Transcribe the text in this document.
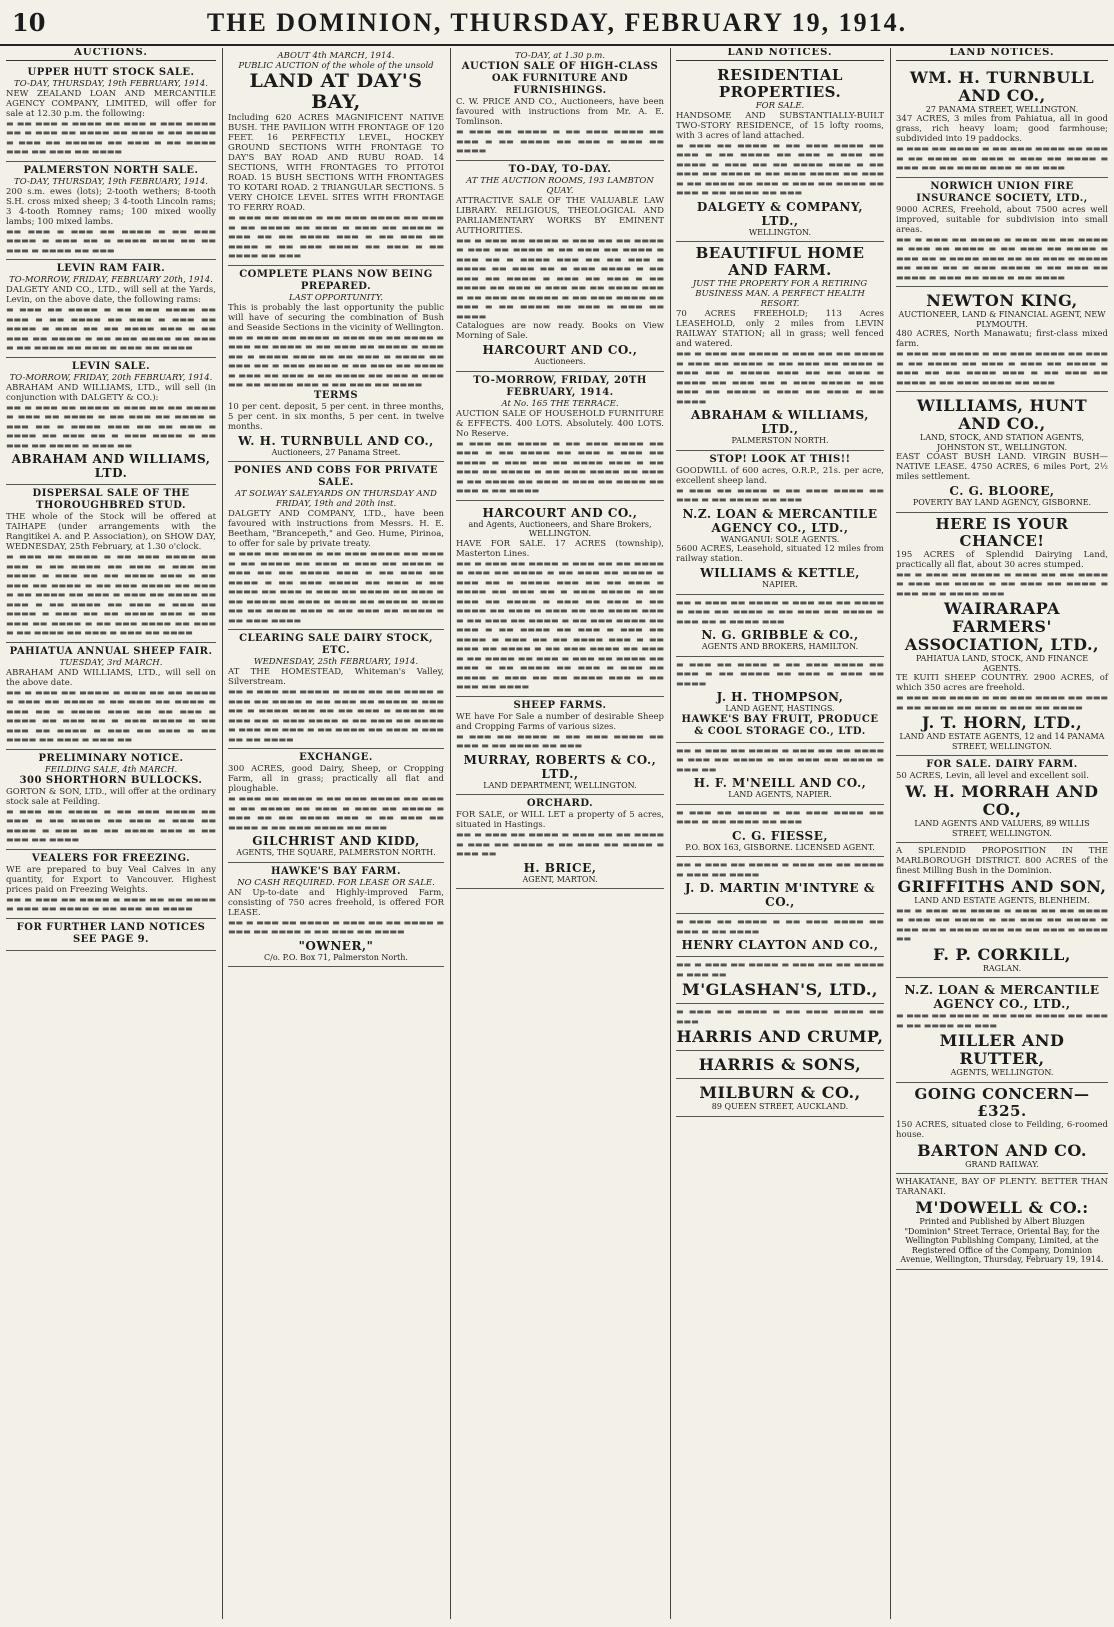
10	THE DOMINION, THURSDAY, FEBRUARY 19, 1914.
AUCTIONS.
UPPER HUTT STOCK SALE.
TO-DAY, THURSDAY, 19th FEBRUARY, 1914.
NEW ZEALAND LOAN AND MERCANTILE AGENCY COMPANY, LIMITED, will offer for sale at 12.30 p.m. the following:
▬ ▬▬ ▬▬▬ ▬ ▬▬▬▬ ▬▬ ▬▬▬ ▬ ▬▬▬ ▬▬▬▬ ▬▬ ▬ ▬▬▬ ▬▬ ▬▬▬▬ ▬▬ ▬▬▬ ▬ ▬▬ ▬▬▬▬ ▬ ▬▬▬ ▬▬ ▬▬▬▬▬ ▬▬ ▬▬▬ ▬ ▬▬ ▬▬▬▬ ▬▬▬ ▬▬ ▬▬▬ ▬▬ ▬▬▬▬
PALMERSTON NORTH SALE.
TO-DAY, THURSDAY, 19th FEBRUARY, 1914.
200 s.m. ewes (lots); 2-tooth wethers; 8-tooth S.H. cross mixed sheep; 3 4-tooth Lincoln rams; 3 4-tooth Romney rams; 100 mixed woolly lambs; 100 mixed lambs.
▬▬ ▬▬▬ ▬ ▬▬▬ ▬▬ ▬▬▬▬ ▬ ▬▬ ▬▬▬ ▬▬▬▬ ▬ ▬▬▬ ▬▬ ▬ ▬▬▬▬ ▬▬▬ ▬▬ ▬▬ ▬▬▬ ▬ ▬▬▬▬ ▬▬ ▬▬▬
LEVIN RAM FAIR.
TO-MORROW, FRIDAY, FEBRUARY 20th, 1914.
DALGETY AND CO., LTD., will sell at the Yards, Levin, on the above date, the following rams:
▬ ▬▬▬ ▬▬ ▬▬▬▬ ▬ ▬▬ ▬▬▬ ▬▬▬▬ ▬▬ ▬▬▬ ▬ ▬▬ ▬▬▬▬ ▬▬ ▬▬▬ ▬ ▬▬▬ ▬▬ ▬▬▬▬ ▬ ▬▬▬ ▬▬ ▬▬ ▬▬▬▬ ▬▬▬ ▬ ▬▬ ▬▬▬ ▬▬ ▬▬▬▬ ▬ ▬▬ ▬▬▬ ▬▬▬▬ ▬▬ ▬▬▬ ▬ ▬▬ ▬▬▬▬ ▬▬ ▬▬▬ ▬ ▬▬▬ ▬▬ ▬▬▬▬
LEVIN SALE.
TO-MORROW, FRIDAY, 20th FEBRUARY, 1914.
ABRAHAM AND WILLIAMS, LTD., will sell (in conjunction with DALGETY & CO.):
▬▬ ▬ ▬▬▬ ▬▬ ▬▬▬▬ ▬ ▬▬▬ ▬▬ ▬▬ ▬▬▬▬ ▬ ▬▬▬ ▬▬ ▬▬▬▬ ▬ ▬▬ ▬▬▬ ▬▬ ▬▬▬▬ ▬ ▬▬▬ ▬▬ ▬ ▬▬▬▬ ▬▬▬ ▬▬ ▬▬ ▬▬▬ ▬ ▬▬▬▬ ▬▬ ▬▬▬ ▬▬ ▬ ▬▬▬ ▬▬▬▬ ▬ ▬▬ ▬▬▬ ▬▬ ▬▬▬▬ ▬ ▬▬▬ ▬▬
ABRAHAM AND WILLIAMS, LTD.
DISPERSAL SALE OF THE THOROUGHBRED STUD.
THE whole of the Stock will be offered at TAIHAPE (under arrangements with the Rangitikei A. and P. Association), on SHOW DAY, WEDNESDAY, 25th February, at 1.30 o'clock.
▬ ▬▬▬ ▬▬ ▬▬▬▬ ▬ ▬▬ ▬▬▬ ▬▬▬▬ ▬▬ ▬▬▬ ▬ ▬▬ ▬▬▬▬ ▬▬ ▬▬▬ ▬ ▬▬▬ ▬▬ ▬▬▬▬ ▬ ▬▬▬ ▬▬ ▬▬ ▬▬▬▬ ▬▬▬ ▬ ▬▬ ▬▬▬ ▬▬ ▬▬▬▬ ▬ ▬▬ ▬▬▬ ▬▬▬▬ ▬▬ ▬▬▬ ▬ ▬▬ ▬▬▬▬ ▬▬ ▬▬▬ ▬ ▬▬▬ ▬▬ ▬▬▬▬ ▬▬ ▬▬▬ ▬ ▬▬ ▬▬▬▬ ▬▬ ▬▬▬ ▬ ▬▬▬ ▬▬ ▬▬▬▬ ▬ ▬▬▬ ▬▬ ▬▬ ▬▬▬▬ ▬▬▬ ▬ ▬▬ ▬▬▬ ▬▬ ▬▬▬▬ ▬ ▬▬ ▬▬▬ ▬▬▬▬ ▬▬ ▬▬▬ ▬ ▬▬ ▬▬▬▬ ▬▬ ▬▬▬ ▬ ▬▬▬ ▬▬ ▬▬▬▬
PAHIATUA ANNUAL SHEEP FAIR.
TUESDAY, 3rd MARCH.
ABRAHAM AND WILLIAMS, LTD., will sell on the above date.
▬▬ ▬ ▬▬▬ ▬▬ ▬▬▬▬ ▬ ▬▬▬ ▬▬ ▬▬ ▬▬▬▬ ▬ ▬▬▬ ▬▬ ▬▬▬▬ ▬ ▬▬ ▬▬▬ ▬▬ ▬▬▬▬ ▬ ▬▬▬ ▬▬ ▬ ▬▬▬▬ ▬▬▬ ▬▬ ▬▬ ▬▬▬ ▬ ▬▬▬▬ ▬▬ ▬▬▬ ▬▬ ▬ ▬▬▬ ▬▬▬▬ ▬ ▬▬ ▬▬▬ ▬▬ ▬▬▬▬ ▬ ▬▬▬ ▬▬ ▬▬▬ ▬ ▬▬ ▬▬▬▬ ▬▬ ▬▬▬ ▬ ▬▬▬ ▬▬
PRELIMINARY NOTICE.
FEILDING SALE, 4th MARCH.
300 SHORTHORN BULLOCKS.
GORTON & SON, LTD., will offer at the ordinary stock sale at Feilding.
▬ ▬▬▬ ▬▬ ▬▬▬▬ ▬ ▬▬ ▬▬▬ ▬▬▬▬ ▬▬ ▬▬▬ ▬ ▬▬ ▬▬▬▬ ▬▬ ▬▬▬ ▬ ▬▬▬ ▬▬ ▬▬▬▬ ▬ ▬▬▬ ▬▬ ▬▬ ▬▬▬▬ ▬▬▬ ▬ ▬▬ ▬▬▬ ▬▬ ▬▬▬▬
VEALERS FOR FREEZING.
WE are prepared to buy Veal Calves in any quantity, for Export to Vancouver. Highest prices paid on Freezing Weights.
▬▬ ▬ ▬▬▬ ▬▬ ▬▬▬▬ ▬ ▬▬▬ ▬▬ ▬▬ ▬▬▬▬ ▬ ▬▬▬ ▬▬ ▬▬▬▬ ▬ ▬▬ ▬▬▬ ▬▬ ▬▬▬▬
FOR FURTHER LAND NOTICES SEE PAGE 9.
ABOUT 4th MARCH, 1914.
PUBLIC AUCTION of the whole of the unsold
LAND AT DAY'S BAY,
Including 620 ACRES MAGNIFICENT NATIVE BUSH. THE PAVILION WITH FRONTAGE OF 120 FEET. 16 PERFECTLY LEVEL, HOCKEY GROUND SECTIONS WITH FRONTAGE TO DAY'S BAY ROAD AND RUBU ROAD. 14 SECTIONS, WITH FRONTAGES TO PITOTOI ROAD. 15 BUSH SECTIONS WITH FRONTAGES TO KOTARI ROAD. 2 TRIANGULAR SECTIONS. 5 VERY CHOICE LEVEL SITES WITH FRONTAGE TO FERRY ROAD.
▬ ▬▬▬ ▬▬ ▬▬▬▬ ▬ ▬▬ ▬▬▬ ▬▬▬▬ ▬▬ ▬▬▬ ▬ ▬▬ ▬▬▬▬ ▬▬ ▬▬▬ ▬ ▬▬▬ ▬▬ ▬▬▬▬ ▬ ▬▬▬ ▬▬ ▬▬ ▬▬▬▬ ▬▬▬ ▬ ▬▬ ▬▬▬ ▬▬ ▬▬▬▬ ▬ ▬▬ ▬▬▬ ▬▬▬▬ ▬▬ ▬▬▬ ▬ ▬▬ ▬▬▬▬ ▬▬ ▬▬▬
COMPLETE PLANS NOW BEING PREPARED.
LAST OPPORTUNITY.
This is probably the last opportunity the public will have of securing the combination of Bush and Seaside Sections in the vicinity of Wellington.
▬▬ ▬ ▬▬▬ ▬▬ ▬▬▬▬ ▬ ▬▬▬ ▬▬ ▬▬ ▬▬▬▬ ▬ ▬▬▬ ▬▬ ▬▬▬▬ ▬ ▬▬ ▬▬▬ ▬▬ ▬▬▬▬ ▬ ▬▬▬ ▬▬ ▬ ▬▬▬▬ ▬▬▬ ▬▬ ▬▬ ▬▬▬ ▬ ▬▬▬▬ ▬▬ ▬▬▬ ▬▬ ▬ ▬▬▬ ▬▬▬▬ ▬ ▬▬ ▬▬▬ ▬▬ ▬▬▬▬ ▬ ▬▬▬ ▬▬ ▬▬▬ ▬ ▬▬ ▬▬▬▬ ▬▬ ▬▬▬ ▬ ▬▬▬ ▬▬ ▬▬ ▬▬▬▬ ▬▬▬ ▬ ▬▬ ▬▬▬ ▬▬ ▬▬▬▬
TERMS
10 per cent. deposit, 5 per cent. in three months, 5 per cent. in six months, 5 per cent. in twelve months.
W. H. TURNBULL AND CO.,
Auctioneers, 27 Panama Street.
PONIES AND COBS FOR PRIVATE SALE.
AT SOLWAY SALEYARDS ON THURSDAY AND FRIDAY, 19th and 20th inst.
DALGETY AND COMPANY, LTD., have been favoured with instructions from Messrs. H. E. Beetham, "Brancepeth," and Geo. Hume, Pirinoa, to offer for sale by private treaty.
▬ ▬▬▬ ▬▬ ▬▬▬▬ ▬ ▬▬ ▬▬▬ ▬▬▬▬ ▬▬ ▬▬▬ ▬ ▬▬ ▬▬▬▬ ▬▬ ▬▬▬ ▬ ▬▬▬ ▬▬ ▬▬▬▬ ▬ ▬▬▬ ▬▬ ▬▬ ▬▬▬▬ ▬▬▬ ▬ ▬▬ ▬▬▬ ▬▬ ▬▬▬▬ ▬ ▬▬ ▬▬▬ ▬▬▬▬ ▬▬ ▬▬▬ ▬ ▬▬ ▬▬▬▬ ▬▬ ▬▬▬ ▬ ▬▬▬ ▬▬ ▬▬▬▬ ▬▬ ▬▬▬ ▬ ▬▬ ▬▬▬▬ ▬▬ ▬▬▬ ▬ ▬▬▬ ▬▬ ▬▬▬▬ ▬ ▬▬▬ ▬▬ ▬▬ ▬▬▬▬ ▬▬▬ ▬ ▬▬ ▬▬▬ ▬▬ ▬▬▬▬ ▬ ▬▬ ▬▬▬ ▬▬▬▬
CLEARING SALE DAIRY STOCK, ETC.
WEDNESDAY, 25th FEBRUARY, 1914.
AT THE HOMESTEAD, Whiteman's Valley, Silverstream.
▬▬ ▬ ▬▬▬ ▬▬ ▬▬▬▬ ▬ ▬▬▬ ▬▬ ▬▬ ▬▬▬▬ ▬ ▬▬▬ ▬▬ ▬▬▬▬ ▬ ▬▬ ▬▬▬ ▬▬ ▬▬▬▬ ▬ ▬▬▬ ▬▬ ▬ ▬▬▬▬ ▬▬▬ ▬▬ ▬▬ ▬▬▬ ▬ ▬▬▬▬ ▬▬ ▬▬▬ ▬▬ ▬ ▬▬▬ ▬▬▬▬ ▬ ▬▬ ▬▬▬ ▬▬ ▬▬▬▬ ▬ ▬▬▬ ▬▬ ▬▬▬ ▬ ▬▬ ▬▬▬▬ ▬▬ ▬▬▬ ▬ ▬▬▬ ▬▬ ▬▬ ▬▬▬▬
EXCHANGE.
300 ACRES, good Dairy, Sheep, or Cropping Farm, all in grass; practically all flat and ploughable.
▬ ▬▬▬ ▬▬ ▬▬▬▬ ▬ ▬▬ ▬▬▬ ▬▬▬▬ ▬▬ ▬▬▬ ▬ ▬▬ ▬▬▬▬ ▬▬ ▬▬▬ ▬ ▬▬▬ ▬▬ ▬▬▬▬ ▬ ▬▬▬ ▬▬ ▬▬ ▬▬▬▬ ▬▬▬ ▬ ▬▬ ▬▬▬ ▬▬ ▬▬▬▬ ▬ ▬▬ ▬▬▬ ▬▬▬▬ ▬▬ ▬▬▬
GILCHRIST AND KIDD,
AGENTS, THE SQUARE, PALMERSTON NORTH.
HAWKE'S BAY FARM.
NO CASH REQUIRED. FOR LEASE OR SALE.
AN Up-to-date and Highly-improved Farm, consisting of 750 acres freehold, is offered FOR LEASE.
▬▬ ▬ ▬▬▬ ▬▬ ▬▬▬▬ ▬ ▬▬▬ ▬▬ ▬▬ ▬▬▬▬ ▬ ▬▬▬ ▬▬ ▬▬▬▬ ▬ ▬▬ ▬▬▬ ▬▬ ▬▬▬▬
"OWNER,"
C/o. P.O. Box 71, Palmerston North.
TO-DAY, at 1.30 p.m.
AUCTION SALE OF HIGH-CLASS OAK FURNITURE AND FURNISHINGS.
C. W. PRICE AND CO., Auctioneers, have been favoured with instructions from Mr. A. E. Tomlinson.
▬ ▬▬▬ ▬▬ ▬▬▬▬ ▬ ▬▬ ▬▬▬ ▬▬▬▬ ▬▬ ▬▬▬ ▬ ▬▬ ▬▬▬▬ ▬▬ ▬▬▬ ▬ ▬▬▬ ▬▬ ▬▬▬▬
TO-DAY, TO-DAY.
AT THE AUCTION ROOMS, 193 LAMBTON QUAY.
ATTRACTIVE SALE OF THE VALUABLE LAW LIBRARY. RELIGIOUS, THEOLOGICAL AND PARLIAMENTARY WORKS BY EMINENT AUTHORITIES.
▬▬ ▬ ▬▬▬ ▬▬ ▬▬▬▬ ▬ ▬▬▬ ▬▬ ▬▬ ▬▬▬▬ ▬ ▬▬▬ ▬▬ ▬▬▬▬ ▬ ▬▬ ▬▬▬ ▬▬ ▬▬▬▬ ▬ ▬▬▬ ▬▬ ▬ ▬▬▬▬ ▬▬▬ ▬▬ ▬▬ ▬▬▬ ▬ ▬▬▬▬ ▬▬ ▬▬▬ ▬▬ ▬ ▬▬▬ ▬▬▬▬ ▬ ▬▬ ▬▬▬ ▬▬ ▬▬▬▬ ▬ ▬▬▬ ▬▬ ▬▬▬ ▬ ▬▬ ▬▬▬▬ ▬▬ ▬▬▬ ▬ ▬▬▬ ▬▬ ▬▬ ▬▬▬▬ ▬▬▬ ▬ ▬▬ ▬▬▬ ▬▬ ▬▬▬▬ ▬ ▬▬ ▬▬▬ ▬▬▬▬ ▬▬ ▬▬▬ ▬ ▬▬ ▬▬▬▬ ▬▬ ▬▬▬ ▬ ▬▬▬ ▬▬ ▬▬▬▬
Catalogues are now ready. Books on View Morning of Sale.
HARCOURT AND CO.,
Auctioneers.
TO-MORROW, FRIDAY, 20TH FEBRUARY, 1914.
At No. 165 THE TERRACE.
AUCTION SALE OF HOUSEHOLD FURNITURE & EFFECTS. 400 LOTS. Absolutely. 400 LOTS. No Reserve.
▬ ▬▬▬ ▬▬ ▬▬▬▬ ▬ ▬▬ ▬▬▬ ▬▬▬▬ ▬▬ ▬▬▬ ▬ ▬▬ ▬▬▬▬ ▬▬ ▬▬▬ ▬ ▬▬▬ ▬▬ ▬▬▬▬ ▬ ▬▬▬ ▬▬ ▬▬ ▬▬▬▬ ▬▬▬ ▬ ▬▬ ▬▬▬ ▬▬ ▬▬▬▬ ▬ ▬▬ ▬▬▬ ▬▬▬▬ ▬▬ ▬▬▬ ▬ ▬▬ ▬▬▬▬ ▬▬ ▬▬▬ ▬ ▬▬▬ ▬▬ ▬▬▬▬ ▬▬ ▬▬▬ ▬ ▬▬ ▬▬▬▬
HARCOURT AND CO.,
and Agents, Auctioneers, and Share Brokers, WELLINGTON.
HAVE FOR SALE. 17 ACRES (township), Masterton Lines.
▬▬ ▬ ▬▬▬ ▬▬ ▬▬▬▬ ▬ ▬▬▬ ▬▬ ▬▬ ▬▬▬▬ ▬ ▬▬▬ ▬▬ ▬▬▬▬ ▬ ▬▬ ▬▬▬ ▬▬ ▬▬▬▬ ▬ ▬▬▬ ▬▬ ▬ ▬▬▬▬ ▬▬▬ ▬▬ ▬▬ ▬▬▬ ▬ ▬▬▬▬ ▬▬ ▬▬▬ ▬▬ ▬ ▬▬▬ ▬▬▬▬ ▬ ▬▬ ▬▬▬ ▬▬ ▬▬▬▬ ▬ ▬▬▬ ▬▬ ▬▬▬ ▬ ▬▬ ▬▬▬▬ ▬▬ ▬▬▬ ▬ ▬▬▬ ▬▬ ▬▬ ▬▬▬▬ ▬▬▬ ▬ ▬▬ ▬▬▬ ▬▬ ▬▬▬▬ ▬ ▬▬ ▬▬▬ ▬▬▬▬ ▬▬ ▬▬▬ ▬ ▬▬ ▬▬▬▬ ▬▬ ▬▬▬ ▬ ▬▬▬ ▬▬ ▬▬▬▬ ▬ ▬▬▬ ▬▬ ▬▬ ▬▬▬▬ ▬▬▬ ▬ ▬▬ ▬▬▬ ▬▬ ▬▬▬▬ ▬ ▬▬ ▬▬▬ ▬▬▬▬ ▬▬ ▬▬▬ ▬ ▬▬ ▬▬▬▬ ▬▬ ▬▬▬ ▬ ▬▬▬ ▬▬ ▬▬▬▬ ▬▬ ▬▬▬ ▬ ▬▬ ▬▬▬▬ ▬▬ ▬▬▬ ▬ ▬▬▬ ▬▬ ▬▬▬▬ ▬ ▬▬▬ ▬▬ ▬▬ ▬▬▬▬ ▬▬▬ ▬ ▬▬ ▬▬▬ ▬▬ ▬▬▬▬
SHEEP FARMS.
WE have For Sale a number of desirable Sheep and Cropping Farms of various sizes.
▬ ▬▬▬ ▬▬ ▬▬▬▬ ▬ ▬▬ ▬▬▬ ▬▬▬▬ ▬▬ ▬▬▬ ▬ ▬▬ ▬▬▬▬ ▬▬ ▬▬▬
MURRAY, ROBERTS & CO., LTD.,
LAND DEPARTMENT, WELLINGTON.
ORCHARD.
FOR SALE, or WILL LET a property of 5 acres, situated in Hastings.
▬▬ ▬ ▬▬▬ ▬▬ ▬▬▬▬ ▬ ▬▬▬ ▬▬ ▬▬ ▬▬▬▬ ▬ ▬▬▬ ▬▬ ▬▬▬▬ ▬ ▬▬ ▬▬▬ ▬▬ ▬▬▬▬ ▬ ▬▬▬ ▬▬
H. BRICE,
AGENT, MARTON.
LAND NOTICES.
RESIDENTIAL PROPERTIES.
FOR SALE.
HANDSOME AND SUBSTANTIALLY-BUILT TWO-STORY RESIDENCE, of 15 lofty rooms, with 3 acres of land attached.
▬ ▬▬▬ ▬▬ ▬▬▬▬ ▬ ▬▬ ▬▬▬ ▬▬▬▬ ▬▬ ▬▬▬ ▬ ▬▬ ▬▬▬▬ ▬▬ ▬▬▬ ▬ ▬▬▬ ▬▬ ▬▬▬▬ ▬ ▬▬▬ ▬▬ ▬▬ ▬▬▬▬ ▬▬▬ ▬ ▬▬ ▬▬▬ ▬▬ ▬▬▬▬ ▬ ▬▬ ▬▬▬ ▬▬▬▬ ▬▬ ▬▬▬ ▬ ▬▬ ▬▬▬▬ ▬▬ ▬▬▬ ▬ ▬▬▬ ▬▬ ▬▬▬▬ ▬▬ ▬▬▬ ▬ ▬▬ ▬▬▬▬ ▬▬ ▬▬▬
DALGETY & COMPANY, LTD.,
WELLINGTON.
BEAUTIFUL HOME AND FARM.
JUST THE PROPERTY FOR A RETIRING BUSINESS MAN. A PERFECT HEALTH RESORT.
70 ACRES FREEHOLD; 113 Acres LEASEHOLD, only 2 miles from LEVIN RAILWAY STATION; all in grass; well fenced and watered.
▬▬ ▬ ▬▬▬ ▬▬ ▬▬▬▬ ▬ ▬▬▬ ▬▬ ▬▬ ▬▬▬▬ ▬ ▬▬▬ ▬▬ ▬▬▬▬ ▬ ▬▬ ▬▬▬ ▬▬ ▬▬▬▬ ▬ ▬▬▬ ▬▬ ▬ ▬▬▬▬ ▬▬▬ ▬▬ ▬▬ ▬▬▬ ▬ ▬▬▬▬ ▬▬ ▬▬▬ ▬▬ ▬ ▬▬▬ ▬▬▬▬ ▬ ▬▬ ▬▬▬ ▬▬ ▬▬▬▬ ▬ ▬▬▬ ▬▬ ▬▬▬ ▬ ▬▬ ▬▬▬▬
ABRAHAM & WILLIAMS, LTD.,
PALMERSTON NORTH.
STOP! LOOK AT THIS!!
GOODWILL of 600 acres, O.R.P., 21s. per acre, excellent sheep land.
▬ ▬▬▬ ▬▬ ▬▬▬▬ ▬ ▬▬ ▬▬▬ ▬▬▬▬ ▬▬ ▬▬▬ ▬ ▬▬ ▬▬▬▬ ▬▬ ▬▬▬
N.Z. LOAN & MERCANTILE AGENCY CO., LTD.,
WANGANUI: SOLE AGENTS.
5600 ACRES, Leasehold, situated 12 miles from railway station.
WILLIAMS & KETTLE,
NAPIER.
▬▬ ▬ ▬▬▬ ▬▬ ▬▬▬▬ ▬ ▬▬▬ ▬▬ ▬▬ ▬▬▬▬ ▬ ▬▬▬ ▬▬ ▬▬▬▬ ▬ ▬▬ ▬▬▬ ▬▬ ▬▬▬▬ ▬ ▬▬▬ ▬▬ ▬ ▬▬▬▬ ▬▬▬
N. G. GRIBBLE & CO.,
AGENTS AND BROKERS, HAMILTON.
▬ ▬▬▬ ▬▬ ▬▬▬▬ ▬ ▬▬ ▬▬▬ ▬▬▬▬ ▬▬ ▬▬▬ ▬ ▬▬ ▬▬▬▬ ▬▬ ▬▬▬ ▬ ▬▬▬ ▬▬ ▬▬▬▬
J. H. THOMPSON,
LAND AGENT, HASTINGS.
HAWKE'S BAY FRUIT, PRODUCE & COOL STORAGE CO., LTD.
▬▬ ▬ ▬▬▬ ▬▬ ▬▬▬▬ ▬ ▬▬▬ ▬▬ ▬▬ ▬▬▬▬ ▬ ▬▬▬ ▬▬ ▬▬▬▬ ▬ ▬▬ ▬▬▬ ▬▬ ▬▬▬▬ ▬ ▬▬▬ ▬▬
H. F. M'NEILL AND CO.,
LAND AGENTS, NAPIER.
▬ ▬▬▬ ▬▬ ▬▬▬▬ ▬ ▬▬ ▬▬▬ ▬▬▬▬ ▬▬ ▬▬▬ ▬ ▬▬ ▬▬▬▬ ▬▬ ▬▬▬
C. G. FIESSE,
P.O. BOX 163, GISBORNE. LICENSED AGENT.
▬▬ ▬ ▬▬▬ ▬▬ ▬▬▬▬ ▬ ▬▬▬ ▬▬ ▬▬ ▬▬▬▬ ▬ ▬▬▬ ▬▬ ▬▬▬▬
J. D. MARTIN M'INTYRE & CO.,
▬ ▬▬▬ ▬▬ ▬▬▬▬ ▬ ▬▬ ▬▬▬ ▬▬▬▬ ▬▬ ▬▬▬ ▬ ▬▬ ▬▬▬▬
HENRY CLAYTON AND CO.,
▬▬ ▬ ▬▬▬ ▬▬ ▬▬▬▬ ▬ ▬▬▬ ▬▬ ▬▬ ▬▬▬▬ ▬ ▬▬▬ ▬▬
M'GLASHAN'S, LTD.,
▬ ▬▬▬ ▬▬ ▬▬▬▬ ▬ ▬▬ ▬▬▬ ▬▬▬▬ ▬▬ ▬▬▬
HARRIS AND CRUMP,
HARRIS & SONS,
MILBURN & CO.,
89 QUEEN STREET, AUCKLAND.
LAND NOTICES.
WM. H. TURNBULL AND CO.,
27 PANAMA STREET, WELLINGTON.
347 ACRES, 3 miles from Pahiatua, all in good grass, rich heavy loam; good farmhouse; subdivided into 19 paddocks.
▬ ▬▬▬ ▬▬ ▬▬▬▬ ▬ ▬▬ ▬▬▬ ▬▬▬▬ ▬▬ ▬▬▬ ▬ ▬▬ ▬▬▬▬ ▬▬ ▬▬▬ ▬ ▬▬▬ ▬▬ ▬▬▬▬ ▬ ▬▬▬ ▬▬ ▬▬ ▬▬▬▬ ▬▬▬ ▬ ▬▬ ▬▬▬
NORWICH UNION FIRE INSURANCE SOCIETY, LTD.,
9000 ACRES, Freehold, about 7500 acres well improved, suitable for subdivision into small areas.
▬▬ ▬ ▬▬▬ ▬▬ ▬▬▬▬ ▬ ▬▬▬ ▬▬ ▬▬ ▬▬▬▬ ▬ ▬▬▬ ▬▬ ▬▬▬▬ ▬ ▬▬ ▬▬▬ ▬▬ ▬▬▬▬ ▬ ▬▬▬ ▬▬ ▬ ▬▬▬▬ ▬▬▬ ▬▬ ▬▬ ▬▬▬ ▬ ▬▬▬▬ ▬▬ ▬▬▬ ▬▬ ▬ ▬▬▬ ▬▬▬▬ ▬ ▬▬ ▬▬▬ ▬▬ ▬▬▬▬ ▬ ▬▬▬ ▬▬ ▬▬▬ ▬ ▬▬ ▬▬▬▬
NEWTON KING,
AUCTIONEER, LAND & FINANCIAL AGENT, NEW PLYMOUTH.
480 ACRES, North Manawatu; first-class mixed farm.
▬ ▬▬▬ ▬▬ ▬▬▬▬ ▬ ▬▬ ▬▬▬ ▬▬▬▬ ▬▬ ▬▬▬ ▬ ▬▬ ▬▬▬▬ ▬▬ ▬▬▬ ▬ ▬▬▬ ▬▬ ▬▬▬▬ ▬ ▬▬▬ ▬▬ ▬▬ ▬▬▬▬ ▬▬▬ ▬ ▬▬ ▬▬▬ ▬▬ ▬▬▬▬ ▬ ▬▬ ▬▬▬ ▬▬▬▬ ▬▬ ▬▬▬
WILLIAMS, HUNT AND CO.,
LAND, STOCK, AND STATION AGENTS, JOHNSTON ST., WELLINGTON.
EAST COAST BUSH LAND. VIRGIN BUSH—NATIVE LEASE. 4750 ACRES, 6 miles Port, 2½ miles settlement.
C. G. BLOORE,
POVERTY BAY LAND AGENCY, GISBORNE.
HERE IS YOUR CHANCE!
195 ACRES of Splendid Dairying Land, practically all flat, about 30 acres stumped.
▬▬ ▬ ▬▬▬ ▬▬ ▬▬▬▬ ▬ ▬▬▬ ▬▬ ▬▬ ▬▬▬▬ ▬ ▬▬▬ ▬▬ ▬▬▬▬ ▬ ▬▬ ▬▬▬ ▬▬ ▬▬▬▬ ▬ ▬▬▬ ▬▬ ▬ ▬▬▬▬ ▬▬▬
WAIRARAPA FARMERS' ASSOCIATION, LTD.,
PAHIATUA LAND, STOCK, AND FINANCE AGENTS.
TE KUITI SHEEP COUNTRY. 2900 ACRES, of which 350 acres are freehold.
▬ ▬▬▬ ▬▬ ▬▬▬▬ ▬ ▬▬ ▬▬▬ ▬▬▬▬ ▬▬ ▬▬▬ ▬ ▬▬ ▬▬▬▬ ▬▬ ▬▬▬ ▬ ▬▬▬ ▬▬ ▬▬▬▬
J. T. HORN, LTD.,
LAND AND ESTATE AGENTS, 12 and 14 PANAMA STREET, WELLINGTON.
FOR SALE. DAIRY FARM.
50 ACRES, Levin, all level and excellent soil.
W. H. MORRAH AND CO.,
LAND AGENTS AND VALUERS, 89 WILLIS STREET, WELLINGTON.
A SPLENDID PROPOSITION IN THE MARLBOROUGH DISTRICT. 800 ACRES of the finest Milling Bush in the Dominion.
GRIFFITHS AND SON,
LAND AND ESTATE AGENTS, BLENHEIM.
▬▬ ▬ ▬▬▬ ▬▬ ▬▬▬▬ ▬ ▬▬▬ ▬▬ ▬▬ ▬▬▬▬ ▬ ▬▬▬ ▬▬ ▬▬▬▬ ▬ ▬▬ ▬▬▬ ▬▬ ▬▬▬▬ ▬ ▬▬▬ ▬▬ ▬ ▬▬▬▬ ▬▬▬ ▬▬ ▬▬ ▬▬▬ ▬ ▬▬▬▬ ▬▬
F. P. CORKILL,
RAGLAN.
N.Z. LOAN & MERCANTILE AGENCY CO., LTD.,
▬ ▬▬▬ ▬▬ ▬▬▬▬ ▬ ▬▬ ▬▬▬ ▬▬▬▬ ▬▬ ▬▬▬ ▬ ▬▬ ▬▬▬▬ ▬▬ ▬▬▬
MILLER AND RUTTER,
AGENTS, WELLINGTON.
GOING CONCERN—£325.
150 ACRES, situated close to Feilding, 6-roomed house.
BARTON AND CO.
GRAND RAILWAY.
WHAKATANE, BAY OF PLENTY. BETTER THAN TARANAKI.
M'DOWELL & CO.:
Printed and Published by Albert Bluzgen "Dominion" Street Terrace, Oriental Bay, for the Wellington Publishing Company, Limited, at the Registered Office of the Company, Dominion Avenue, Wellington, Thursday, February 19, 1914.
